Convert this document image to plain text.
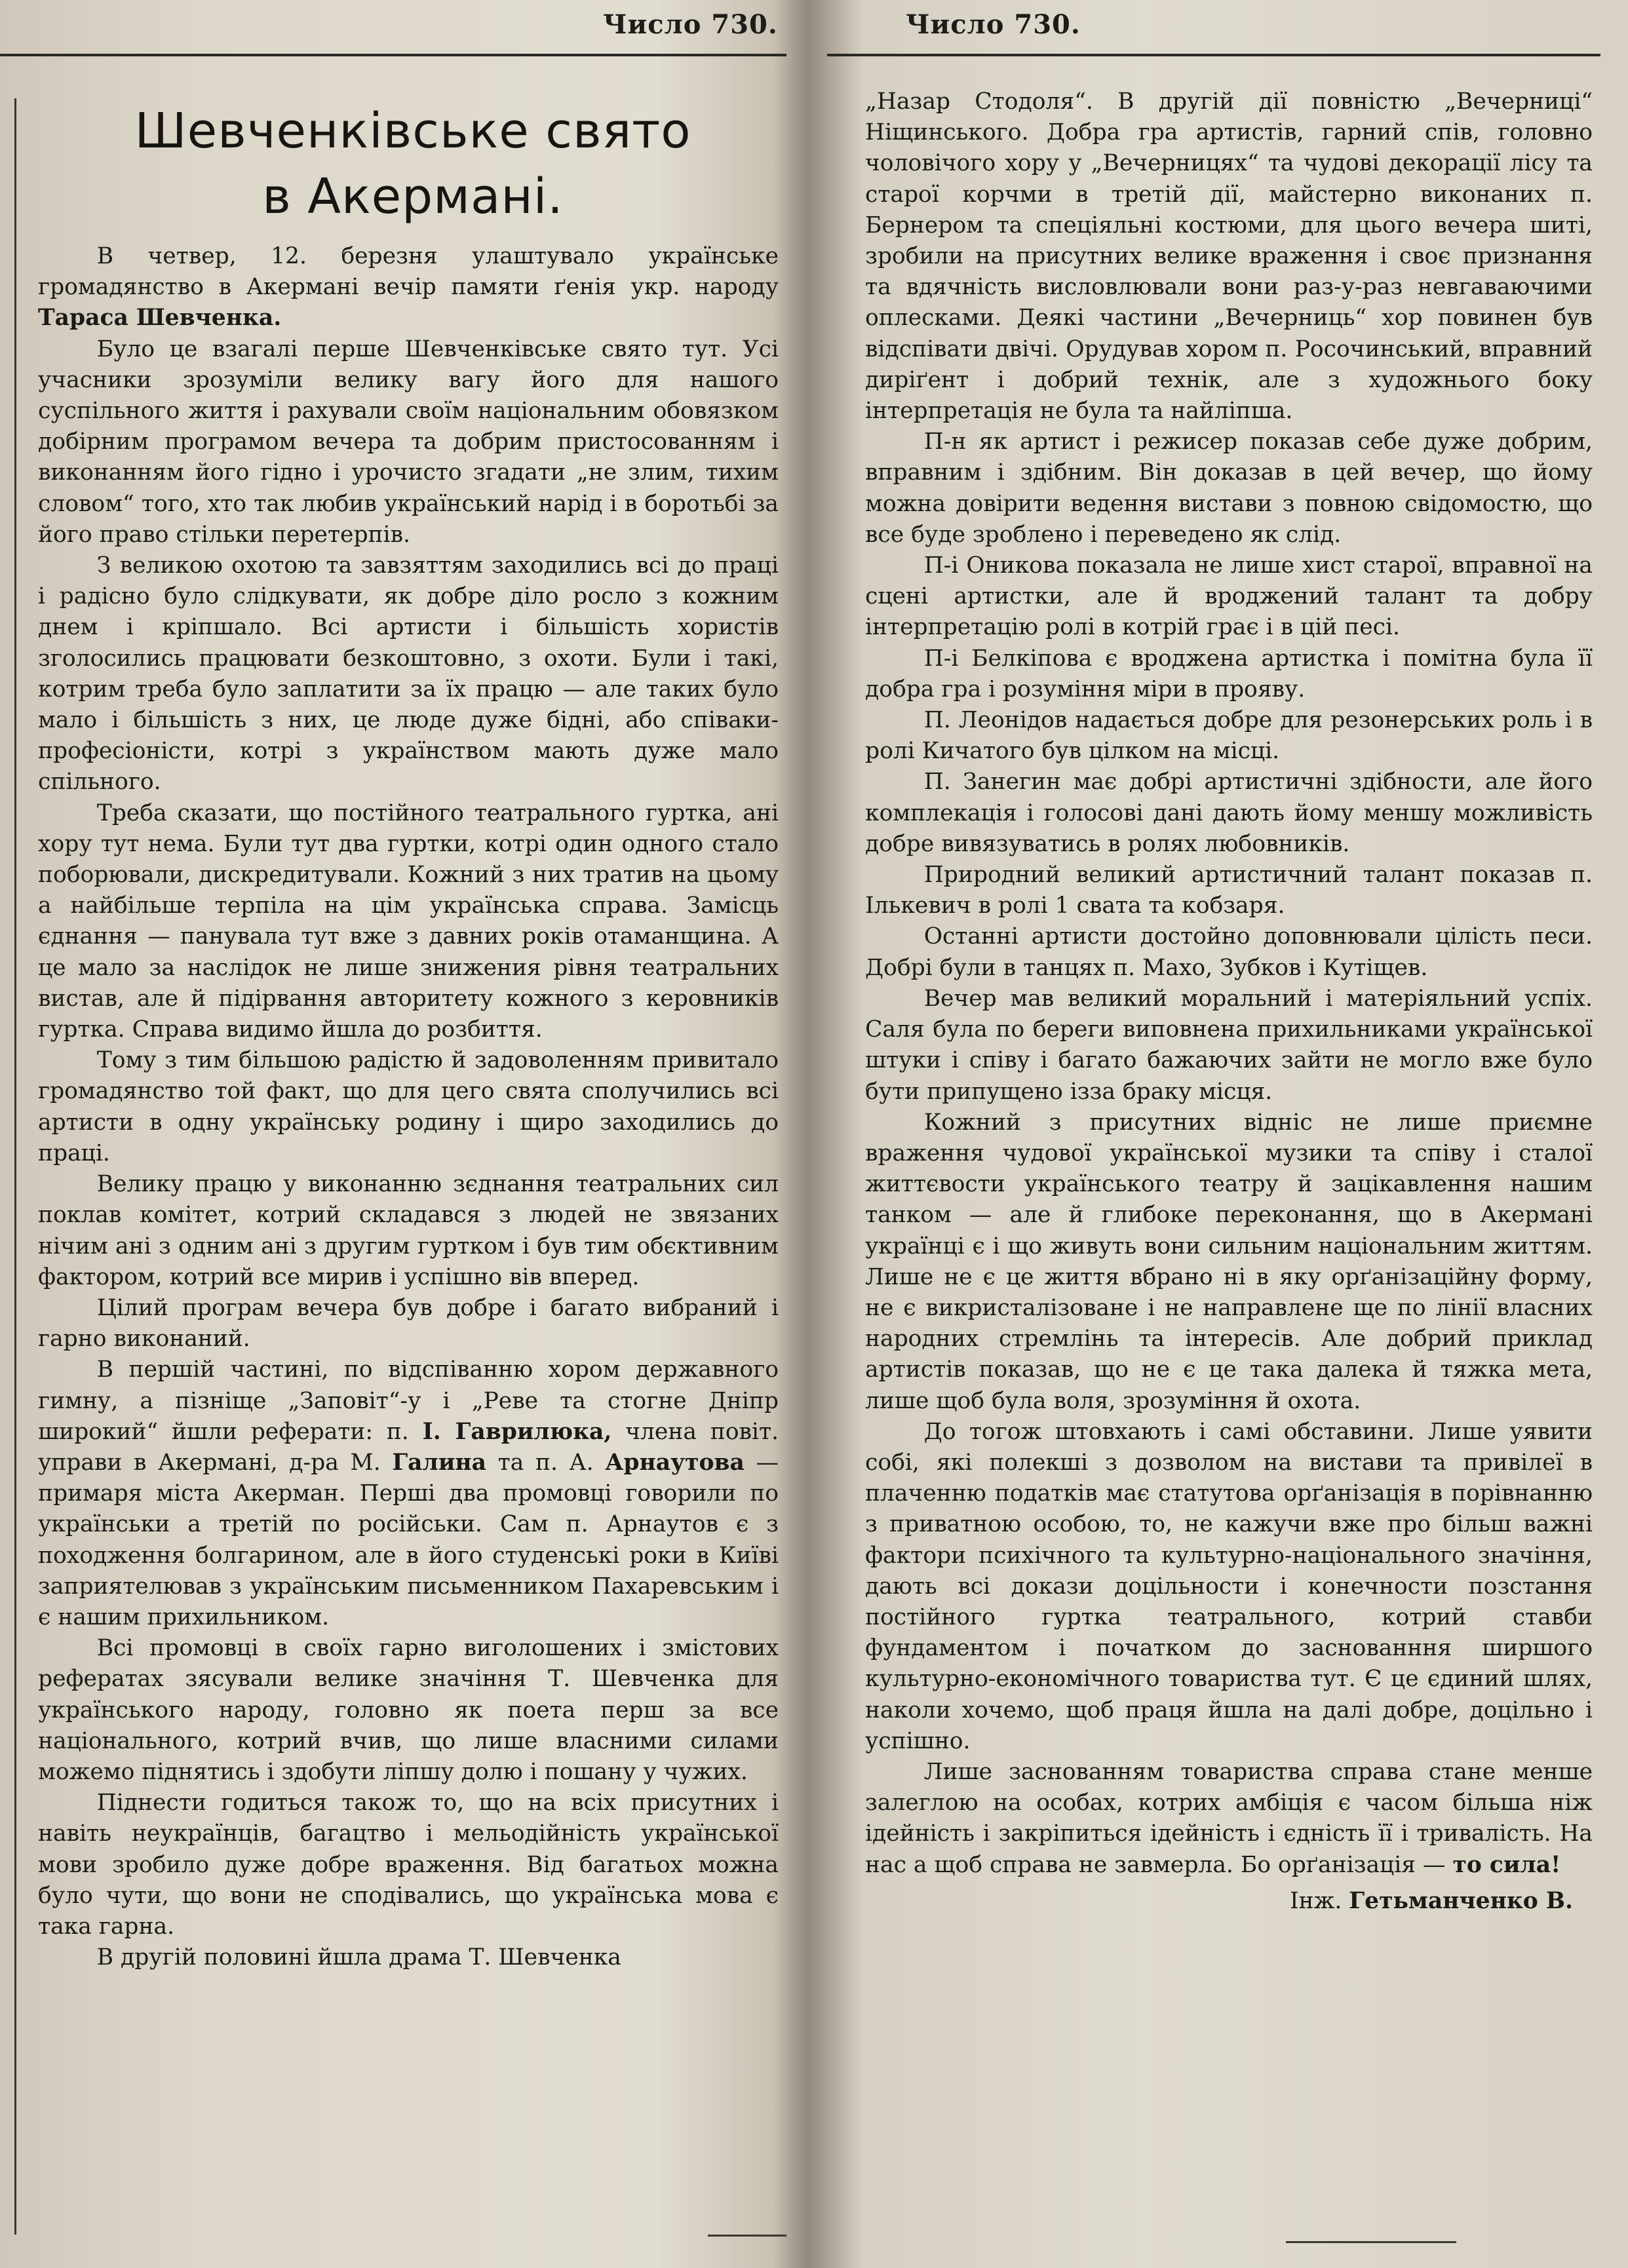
Число 730.
Шевченківське свято
в Акермані.

В четвер, 12. березня улаштувало українське громадянство в Акермані вечір памяти ґенія укр. народу Тараса Шевченка.

Було це взагалі перше Шевченківське свято тут. Усі учасники зрозуміли велику вагу його для нашого суспільного життя і рахували своїм національним обовязком добірним програмом вечера та добрим пристосованням і виконанням його гідно і урочисто згадати „не злим, тихим словом“ того, хто так любив український нарід і в боротьбі за його право стільки перетерпів.

З великою охотою та завзяттям заходились всі до праці і радісно було слідкувати, як добре діло росло з кожним днем і кріпшало. Всі артисти і більшість хористів зголосились працювати безкоштовно, з охоти. Були і такі, котрим треба було заплатити за їх працю — але таких було мало і більшість з них, це люде дуже бідні, або співаки-професіоністи, котрі з українством мають дуже мало спільного.

Треба сказати, що постійного театрального гуртка, ані хору тут нема. Були тут два гуртки, котрі один одного стало поборювали, дискредитували. Кожний з них тратив на цьому а найбільше терпіла на цім українська справа. Замісць єднання — панувала тут вже з давних років отаманщина. А це мало за наслідок не лише знижения рівня театральних вистав, але й підірвання авторитету кожного з керовників гуртка. Справа видимо йшла до розбиття.

Тому з тим більшою радістю й задоволенням привитало громадянство той факт, що для цего свята сполучились всі артисти в одну українську родину і щиро заходились до праці.

Велику працю у виконанню зєднання театральних сил поклав комітет, котрий складався з людей не звязаних нічим ані з одним ані з другим гуртком і був тим обєктивним фактором, котрий все мирив і успішно вів вперед.

Цілий програм вечера був добре і багато вибраний і гарно виконаний.

В першій частині, по відспіванню хором державного гимну, а пізніще „Заповіт“-у і „Реве та стогне Дніпр широкий“ йшли реферати: п. І. Гаврилюка, члена повіт. управи в Акермані, д-ра М. Галина та п. А. Арнаутова — примаря міста Акерман. Перші два промовці говорили по українськи а третій по російськи. Сам п. Арнаутов є з походження болгарином, але в його студенські роки в Київі заприятелював з українським письменником Пахаревським і є нашим прихильником.

Всі промовці в своїх гарно виголошених і змістових рефератах зясували велике значіння Т. Шевченка для українського народу, головно як поета перш за все національного, котрий вчив, що лише власними силами можемо піднятись і здобути ліпшу долю і пошану у чужих.

Піднести годиться також то, що на всіх присутних і навіть неукраїнців, багацтво і мельодійність української мови зробило дуже добре враження. Від багатьох можна було чути, що вони не сподівались, що українська мова є така гарна.

В другій половині йшла драма Т. Шевченка

Число 730.

„Назар Стодоля“. В другій дії повністю „Вечерниці“ Ніщинського. Добра гра артистів, гарний спів, головно чоловічого хору у „Вечерницях“ та чудові декорації лісу та старої корчми в третій дії, майстерно виконаних п. Бернером та спеціяльні костюми, для цього вечера шиті, зробили на присутних велике враження і своє признання та вдячність висловлювали вони раз-у-раз невгаваючими оплесками. Деякі частини „Вечерниць“ хор повинен був відспівати двічі. Орудував хором п. Росочинський, вправний диріґент і добрий технік, але з художнього боку інтерпретація не була та найліпша.

П-н як артист і режисер показав себе дуже добрим, вправним і здібним. Він доказав в цей вечер, що йому можна довірити ведення вистави з повною свідомостю, що все буде зроблено і переведено як слід.

П-і Оникова показала не лише хист старої, вправної на сцені артистки, але й вроджений талант та добру інтерпретацію ролі в котрій грає і в цій песі.

П-і Белкіпова є вроджена артистка і помітна була її добра гра і розуміння міри в прояву.

П. Леонідов надається добре для резонерських роль і в ролі Кичатого був цілком на місці.

П. Занегин має добрі артистичні здібности, але його комплекація і голосові дані дають йому меншу можливість добре вивязуватись в ролях любовників.

Природний великий артистичний талант показав п. Ількевич в ролі 1 свата та кобзаря.

Останні артисти достойно доповнювали цілість песи. Добрі були в танцях п. Махо, Зубков і Кутіщев.

Вечер мав великий моральний і матеріяльний успіх. Саля була по береги виповнена прихильниками української штуки і співу і багато бажаючих зайти не могло вже було бути припущено ізза браку місця.

Кожний з присутних відніс не лише приємне враження чудової української музики та співу і сталої життєвости українського театру й зацікавлення нашим танком — але й глибоке переконання, що в Акермані українці є і що живуть вони сильним національним життям. Лише не є це життя вбрано ні в яку орґанізаційну форму, не є викристалізоване і не направлене ще по лінії власних народних стремлінь та інтересів. Але добрий приклад артистів показав, що не є це така далека й тяжка мета, лише щоб була воля, зрозуміння й охота.

До тогож штовхають і самі обставини. Лише уявити собі, які полекші з дозволом на вистави та привілеї в плаченню податків має статутова орґанізація в порівнанню з приватною особою, то, не кажучи вже про більш важні фактори психічного та культурно-національного значіння, дають всі докази доцільности і конечности позстання постійного гуртка театрального, котрий ставби фундаментом і початком до заснованння ширшого культурно-економічного товариства тут. Є це єдиний шлях, наколи хочемо, щоб праця йшла на далі добре, доцільно і успішно.

Лише заснованням товариства справа стане менше залеглою на особах, котрих амбіція є часом більша ніж ідейність і закріпиться ідейність і єдність її і тривалість. На нас а щоб справа не завмерла. Бо орґанізація — то сила!

Інж. Гетьманченко В.
